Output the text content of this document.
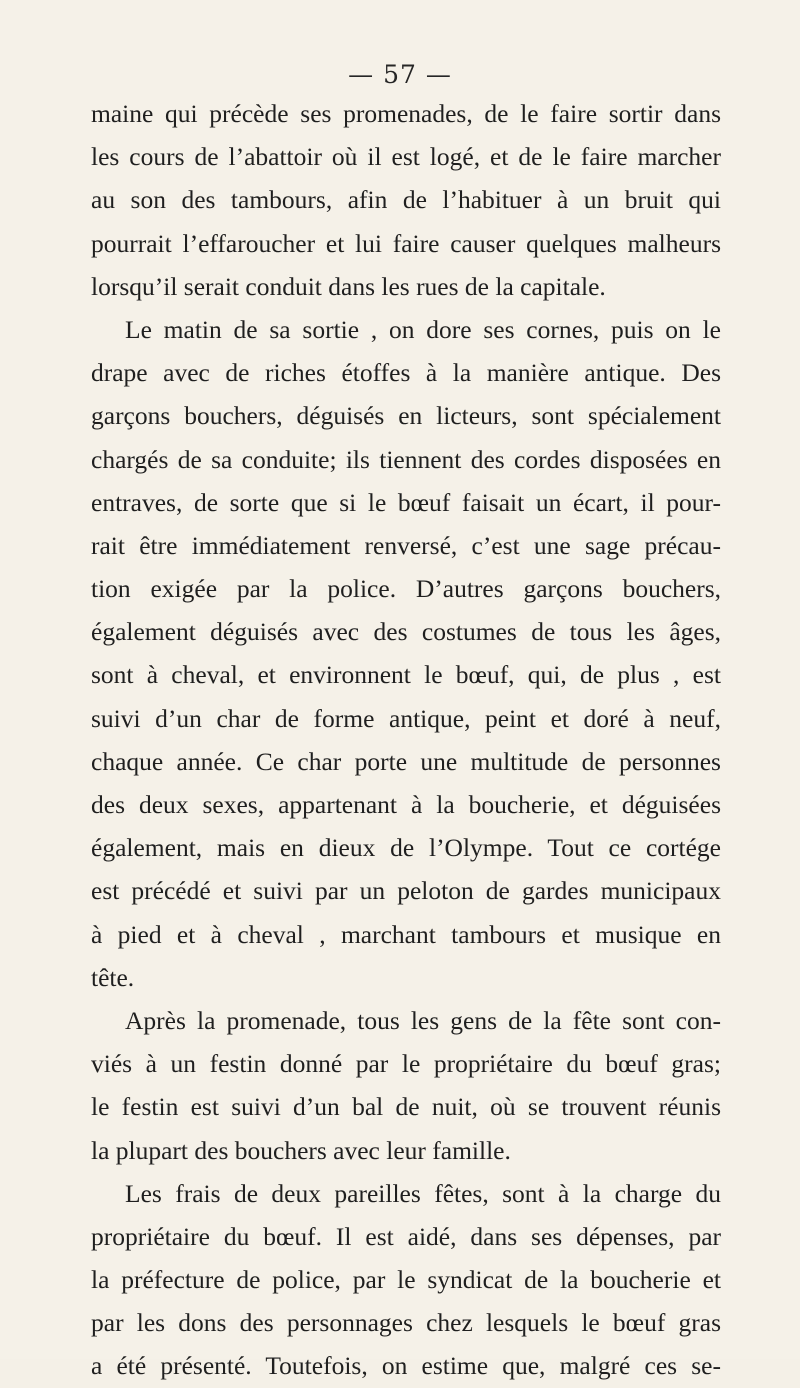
— 57 —
maine qui précède ses promenades, de le faire sortir dans
les cours de l’abattoir où il est logé, et de le faire marcher
au son des tambours, afin de l’habituer à un bruit qui
pourrait l’effaroucher et lui faire causer quelques malheurs
lorsqu’il serait conduit dans les rues de la capitale.
Le matin de sa sortie , on dore ses cornes, puis on le
drape avec de riches étoffes à la manière antique. Des
garçons bouchers, déguisés en licteurs, sont spécialement
chargés de sa conduite; ils tiennent des cordes disposées en
entraves, de sorte que si le bœuf faisait un écart, il pour-
rait être immédiatement renversé, c’est une sage précau-
tion exigée par la police. D’autres garçons bouchers,
également déguisés avec des costumes de tous les âges,
sont à cheval, et environnent le bœuf, qui, de plus , est
suivi d’un char de forme antique, peint et doré à neuf,
chaque année. Ce char porte une multitude de personnes
des deux sexes, appartenant à la boucherie, et déguisées
également, mais en dieux de l’Olympe. Tout ce cortége
est précédé et suivi par un peloton de gardes municipaux
à pied et à cheval , marchant tambours et musique en
tête.
Après la promenade, tous les gens de la fête sont con-
viés à un festin donné par le propriétaire du bœuf gras;
le festin est suivi d’un bal de nuit, où se trouvent réunis
la plupart des bouchers avec leur famille.
Les frais de deux pareilles fêtes, sont à la charge du
propriétaire du bœuf. Il est aidé, dans ses dépenses, par
la préfecture de police, par le syndicat de la boucherie et
par les dons des personnages chez lesquels le bœuf gras
a été présenté. Toutefois, on estime que, malgré ces se-
